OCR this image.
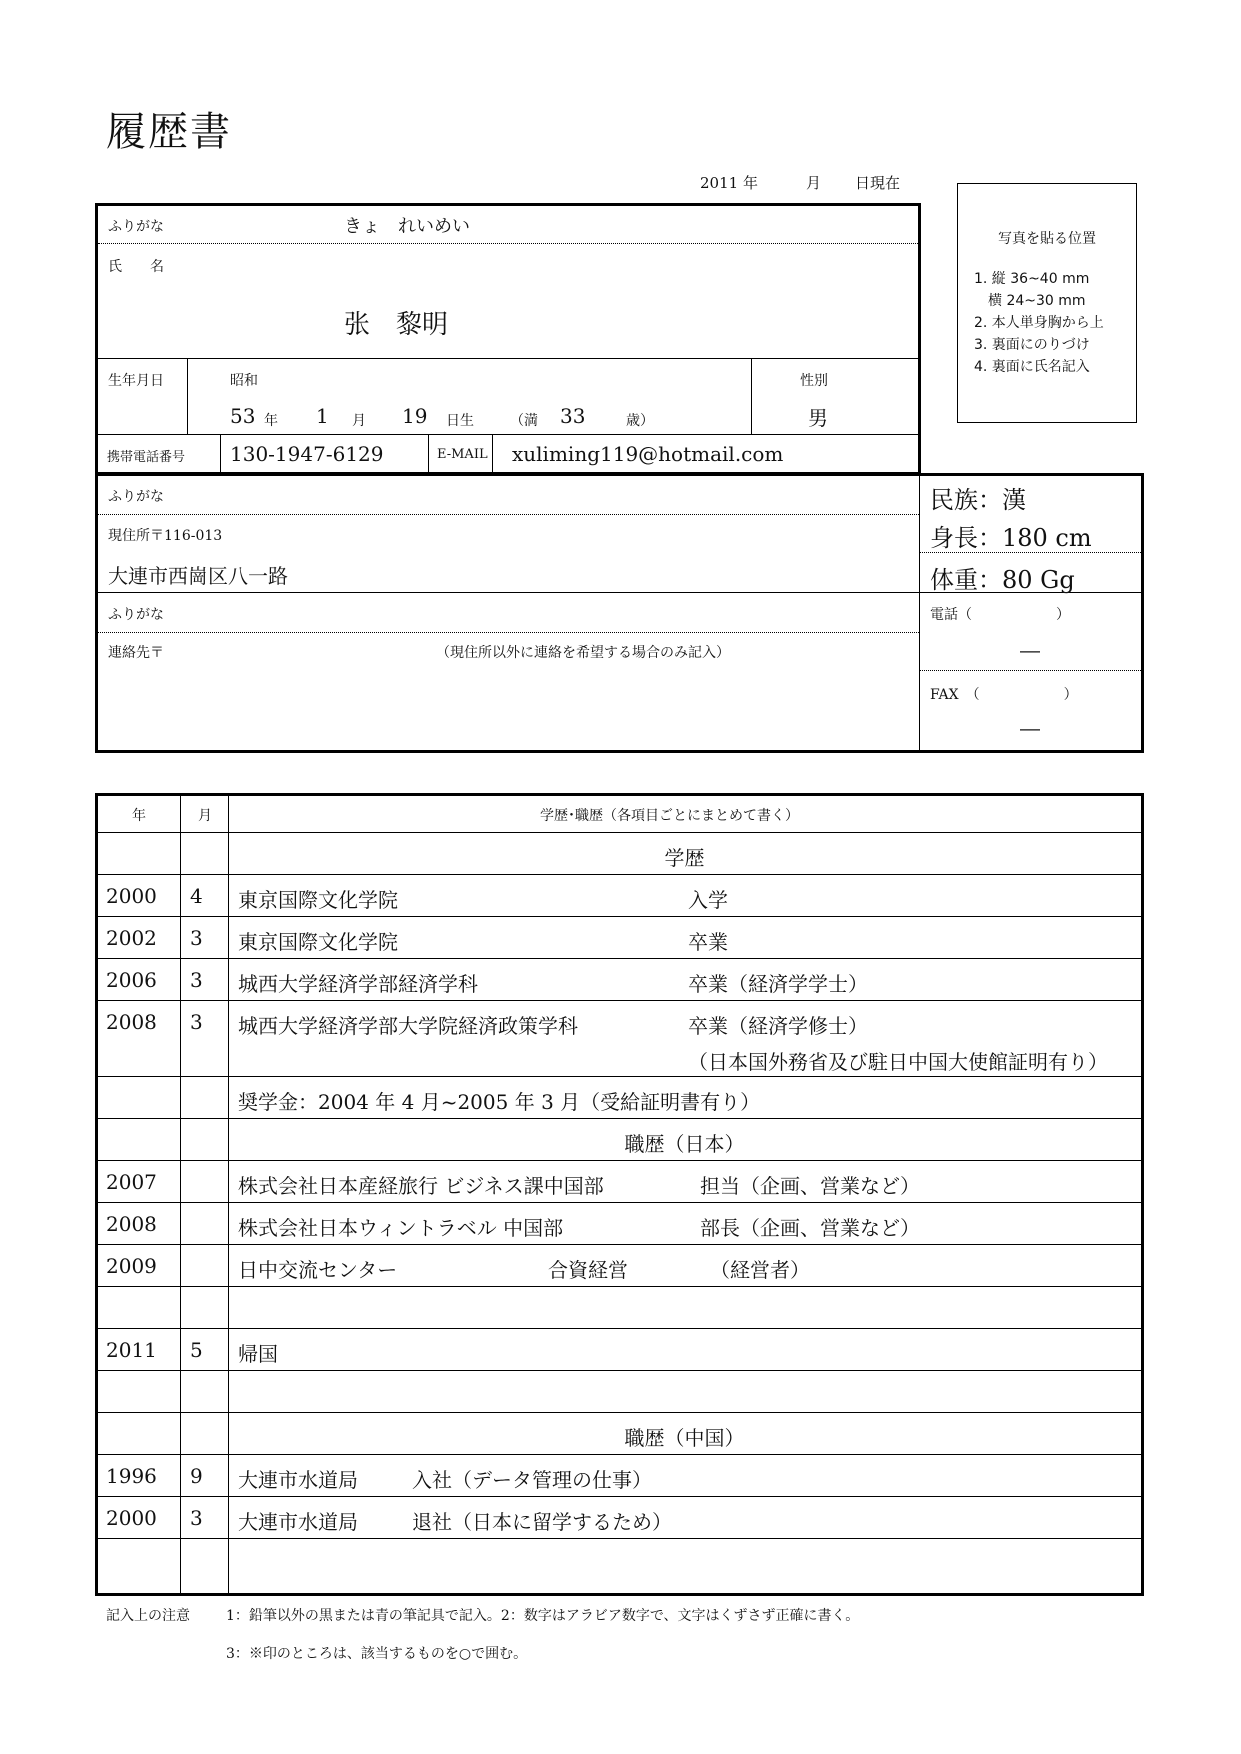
履歴書
2011 年	月 日現在
写真を貼る位置
1. 縦 36~40 mm
　横 24~30 mm
2. 本人単身胸から上
3. 裏面にのりづけ
4. 裏面に氏名記入
ふりがな	きょ　れいめい
氏　　名
张　黎明
生年月日	昭和
53 年 1 月 19 日生	（満 33	歳）
性別
男
携帯電話番号 130-1947-6129	E-MAIL xuliming119@hotmail.com
ふりがな
現住所〒116-013
大連市西崗区八一路
ふりがな
連絡先〒	（現住所以外に連絡を希望する場合のみ記入）
民族：漢
身長：180 cm
体重：80 Gg
電話（　　　　　　）
―
FAX　（　　　　　　）
―
年	月	学歴･職歴（各項目ごとにまとめて書く）
学歴
2000 4 東京国際文化学院	入学
2002 3 東京国際文化学院	卒業
2006 3 城西大学経済学部経済学科	卒業（経済学学士）
2008 3 城西大学経済学部大学院経済政策学科	卒業（経済学修士）
（日本国外務省及び駐日中国大使館証明有り）
奨学金：2004 年 4 月~2005 年 3 月（受給証明書有り）
職歴（日本）
2007	株式会社日本産経旅行 ビジネス課中国部	担当（企画、営業など）
2008	株式会社日本ウィントラベル 中国部	部長（企画、営業など）
2009	日中交流センター	合資経営	（経営者）
2011 5 帰国
職歴（中国）
1996 9 大連市水道局	入社（データ管理の仕事）
2000 3 大連市水道局	退社（日本に留学するため）
記入上の注意	1：鉛筆以外の黒または青の筆記具で記入。2：数字はアラビア数字で、文字はくずさず正確に書く。
3：※印のところは、該当するものを○で囲む。
